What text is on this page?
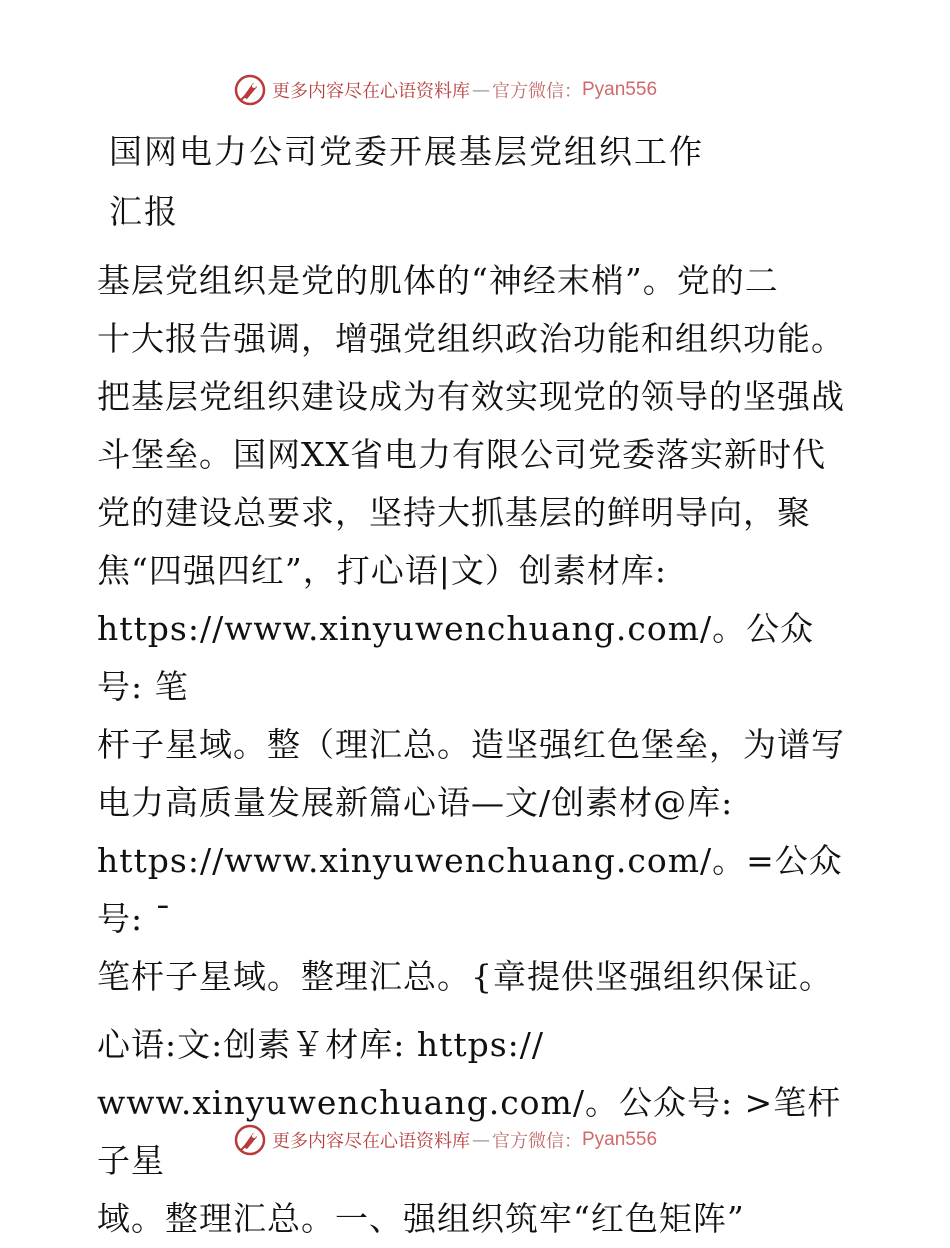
更多内容尽在心语资料库 — 官方微信： Pyan556
国网电力公司党委开展基层党组织工作
汇报
基层党组织是党的肌体的“神经末梢”。党的二
十大报告强调，增强党组织政治功能和组织功能。
把基层党组织建设成为有效实现党的领导的坚强战
斗堡垒。国网XX省电力有限公司党委落实新时代
党的建设总要求，坚持大抓基层的鲜明导向，聚
焦“四强四红”，打心语|文）创素材库:
https://www.xinyuwenchuang.com/。公众号: 笔
杆子星域。整（理汇总。造坚强红色堡垒，为谱写
电力高质量发展新篇心语—文/创素材@库:
https://www.xinyuwenchuang.com/。=公众号: ¯
笔杆子星域。整理汇总。{章提供坚强组织保证。
心语:文:创素￥材库: https://
www.xinyuwenchuang.com/。公众号: >笔杆子星
域。整理汇总。一、强组织筑牢“红色矩阵”
更多内容尽在心语资料库 — 官方微信： Pyan556
